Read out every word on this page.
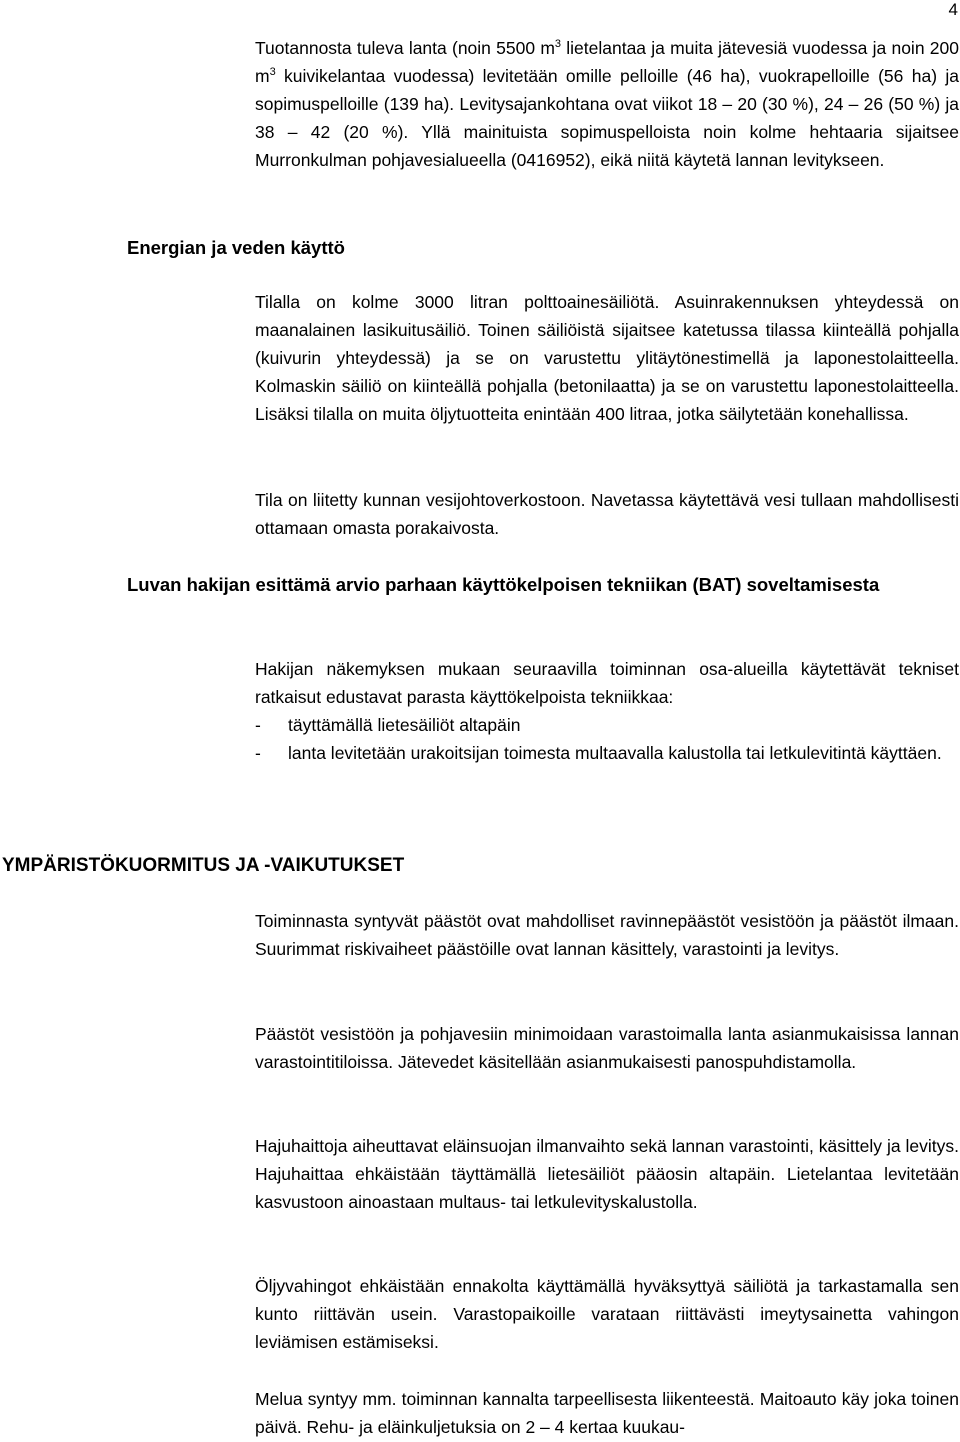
4

Tuotannosta tuleva lanta (noin 5500 $m^3$ lietelantaa ja muita jätevesiä vuodessa ja noin 200 $m^3$ kuivikelantaa vuodessa) levitetään omille pelloille (46 ha), vuokrapelloille (56 ha) ja sopimuspelloille (139 ha). Levitysajankohtana ovat viikot 18 – 20 (30 %), 24 – 26 (50 %) ja 38 – 42 (20 %). Yllä mainituista sopimuspelloista noin kolme hehtaaria sijaitsee Murronkulman pohjavesialueella (0416952), eikä niitä käytetä lannan levitykseen.

Energian ja veden käyttö

Tilalla on kolme 3000 litran polttoainesäiliötä. Asuinrakennuksen yhteydessä on maanalainen lasikuitusäiliö. Toinen säiliöistä sijaitsee katetussa tilassa kiinteällä pohjalla (kuivurin yhteydessä) ja se on varustettu ylitäytönestimellä ja laponestolaitteella. Kolmaskin säiliö on kiinteällä pohjalla (betonilaatta) ja se on varustettu laponestolaitteella. Lisäksi tilalla on muita öljytuotteita enintään 400 litraa, jotka säilytetään konehallissa.

Tila on liitetty kunnan vesijohtoverkostoon. Navetassa käytettävä vesi tullaan mahdollisesti ottamaan omasta porakaivosta.

Luvan hakijan esittämä arvio parhaan käyttökelpoisen tekniikan (BAT) soveltamisesta

Hakijan näkemyksen mukaan seuraavilla toiminnan osa-alueilla käytettävät tekniset ratkaisut edustavat parasta käyttökelpoista tekniikkaa:

- täyttämällä lietesäiliöt altapäin
- lanta levitetään urakoitsijan toimesta multaavalla kalustolla tai letkulevitintä käyttäen.
YMPÄRISTÖKUORMITUS JA -VAIKUTUKSET

Toiminnasta syntyvät päästöt ovat mahdolliset ravinnepäästöt vesistöön ja päästöt ilmaan. Suurimmat riskivaiheet päästöille ovat lannan käsittely, varastointi ja levitys.

Päästöt vesistöön ja pohjavesiin minimoidaan varastoimalla lanta asianmukaisissa lannan varastointitiloissa. Jätevedet käsitellään asianmukaisesti panospuhdistamolla.

Hajuhaittoja aiheuttavat eläinsuojan ilmanvaihto sekä lannan varastointi, käsittely ja levitys. Hajuhaittaa ehkäistään täyttämällä lietesäiliöt pääosin altapäin. Lietelantaa levitetään kasvustoon ainoastaan multaus- tai letkulevityskalustolla.

Öljyvahingot ehkäistään ennakolta käyttämällä hyväksyttyä säiliötä ja tarkastamalla sen kunto riittävän usein. Varastopaikoille varataan riittävästi imeytysainetta vahingon leviämisen estämiseksi.

Melua syntyy mm. toiminnan kannalta tarpeellisesta liikenteestä. Maitoauto käy joka toinen päivä. Rehu- ja eläinkuljetuksia on 2 – 4 kertaa kuukau-
